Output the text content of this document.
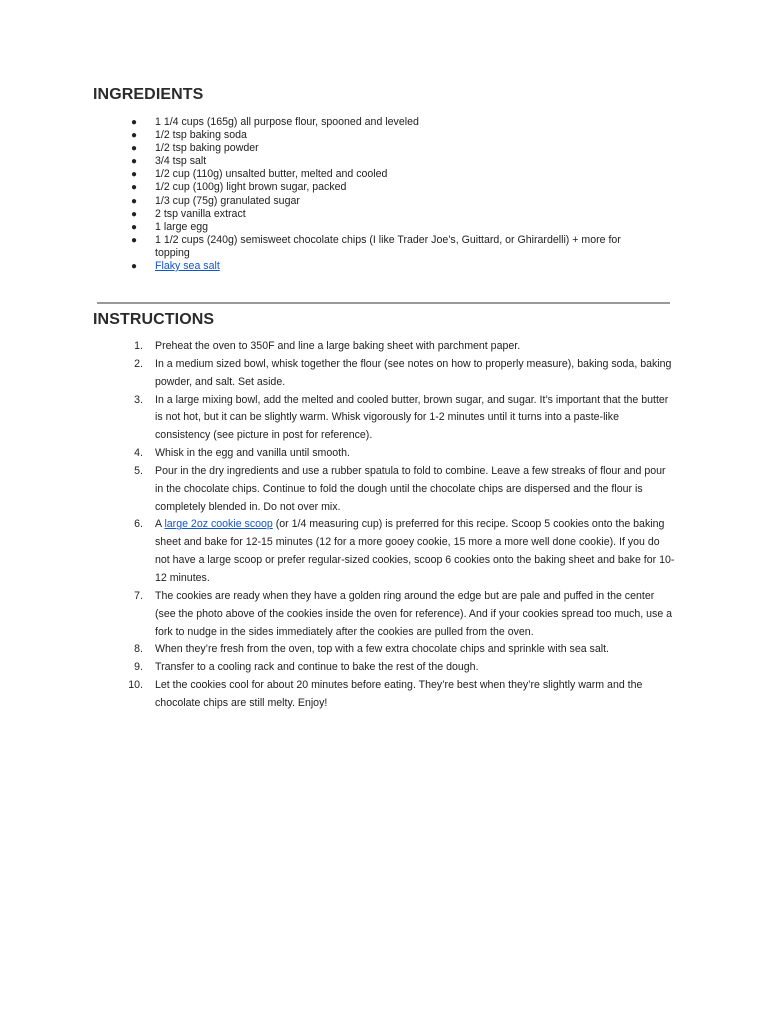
INGREDIENTS
● 1 1/4 cups (165g) all purpose flour, spooned and leveled
● 1/2 tsp baking soda
● 1/2 tsp baking powder
● 3/4 tsp salt
● 1/2 cup (110g) unsalted butter, melted and cooled
● 1/2 cup (100g) light brown sugar, packed
● 1/3 cup (75g) granulated sugar
● 2 tsp vanilla extract
● 1 large egg
● 1 1/2 cups (240g) semisweet chocolate chips (I like Trader Joe’s, Guittard, or Ghirardelli) + more for topping
● Flaky sea salt
INSTRUCTIONS
1. Preheat the oven to 350F and line a large baking sheet with parchment paper.
2. In a medium sized bowl, whisk together the flour (see notes on how to properly measure), baking soda, baking powder, and salt. Set aside.
3. In a large mixing bowl, add the melted and cooled butter, brown sugar, and sugar. It’s important that the butter is not hot, but it can be slightly warm. Whisk vigorously for 1-2 minutes until it turns into a paste-like consistency (see picture in post for reference).
4. Whisk in the egg and vanilla until smooth.
5. Pour in the dry ingredients and use a rubber spatula to fold to combine. Leave a few streaks of flour and pour in the chocolate chips. Continue to fold the dough until the chocolate chips are dispersed and the flour is completely blended in. Do not over mix.
6. A large 2oz cookie scoop (or 1/4 measuring cup) is preferred for this recipe. Scoop 5 cookies onto the baking sheet and bake for 12-15 minutes (12 for a more gooey cookie, 15 more a more well done cookie). If you do not have a large scoop or prefer regular-sized cookies, scoop 6 cookies onto the baking sheet and bake for 10-12 minutes.
7. The cookies are ready when they have a golden ring around the edge but are pale and puffed in the center (see the photo above of the cookies inside the oven for reference). And if your cookies spread too much, use a fork to nudge in the sides immediately after the cookies are pulled from the oven.
8. When they’re fresh from the oven, top with a few extra chocolate chips and sprinkle with sea salt.
9. Transfer to a cooling rack and continue to bake the rest of the dough.
10. Let the cookies cool for about 20 minutes before eating. They’re best when they’re slightly warm and the chocolate chips are still melty. Enjoy!
